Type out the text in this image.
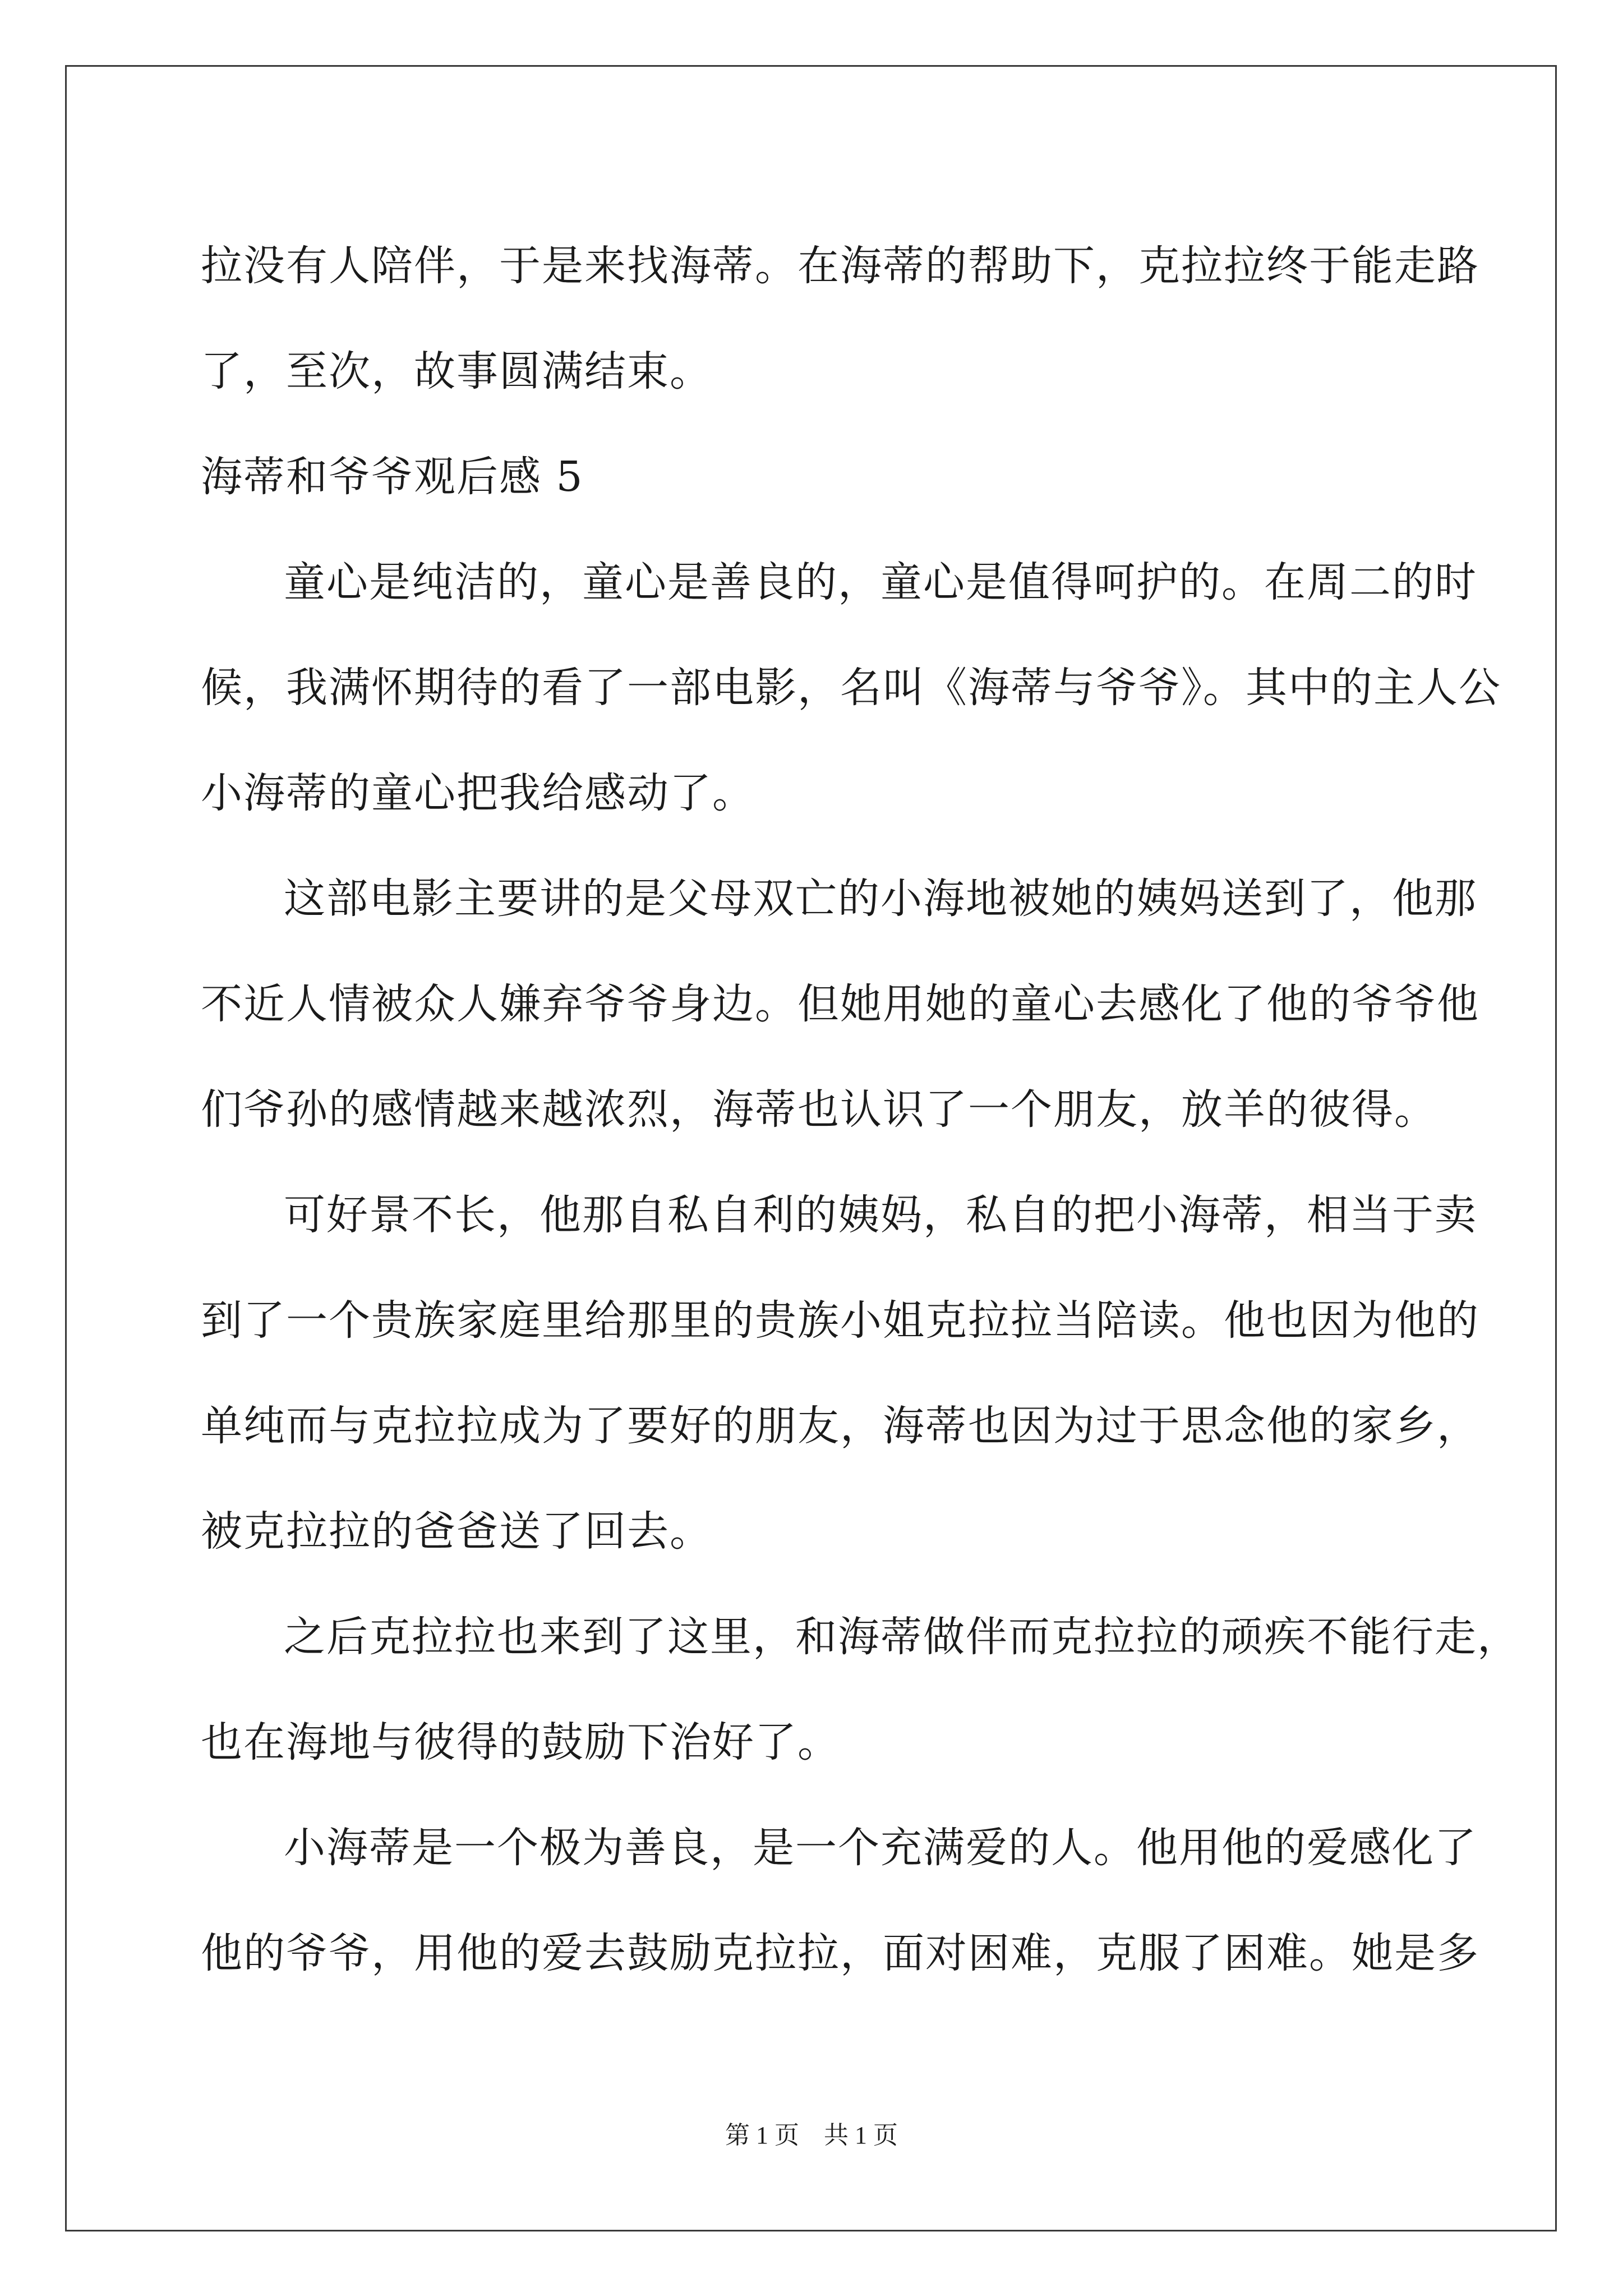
拉没有人陪伴，于是来找海蒂。在海蒂的帮助下，克拉拉终于能走路
了，至次，故事圆满结束。
海蒂和爷爷观后感 5
童心是纯洁的，童心是善良的，童心是值得呵护的。在周二的时
候，我满怀期待的看了一部电影，名叫《海蒂与爷爷》。其中的主人公
小海蒂的童心把我给感动了。
这部电影主要讲的是父母双亡的小海地被她的姨妈送到了，他那
不近人情被众人嫌弃爷爷身边。但她用她的童心去感化了他的爷爷他
们爷孙的感情越来越浓烈，海蒂也认识了一个朋友，放羊的彼得。
可好景不长，他那自私自利的姨妈，私自的把小海蒂，相当于卖
到了一个贵族家庭里给那里的贵族小姐克拉拉当陪读。他也因为他的
单纯而与克拉拉成为了要好的朋友，海蒂也因为过于思念他的家乡，
被克拉拉的爸爸送了回去。
之后克拉拉也来到了这里，和海蒂做伴而克拉拉的顽疾不能行走，
也在海地与彼得的鼓励下治好了。
小海蒂是一个极为善良，是一个充满爱的人。他用他的爱感化了
他的爷爷，用他的爱去鼓励克拉拉，面对困难，克服了困难。她是多
第 1 页　共 1 页
